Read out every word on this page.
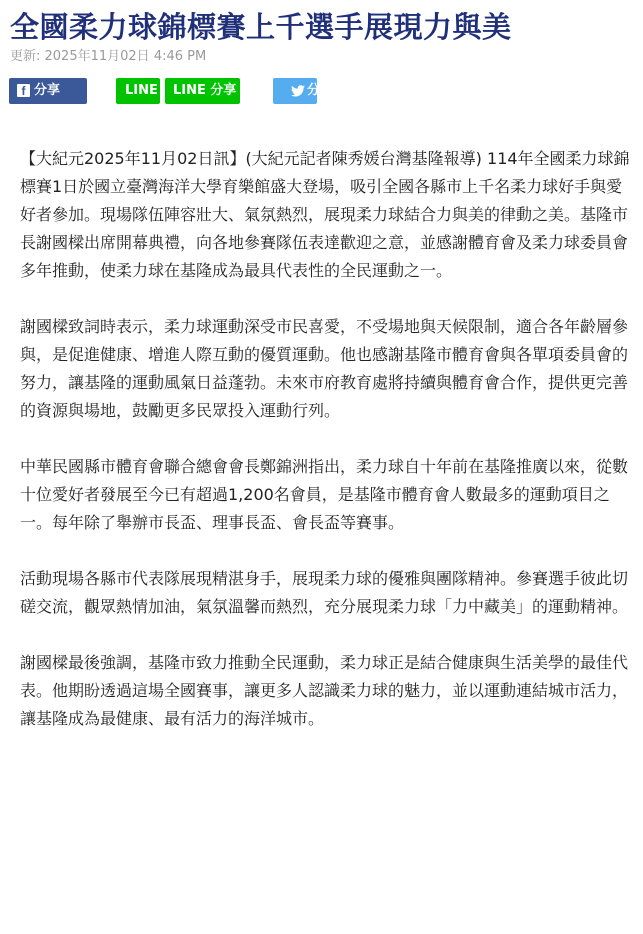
全國柔力球錦標賽上千選手展現力與美
更新: 2025年11月02日 4:46 PM
f 分享	LINE	LINE 分享	分

【大紀元2025年11月02日訊】(大紀元記者陳秀媛台灣基隆報導) 114年全國柔力球錦標賽1日於國立臺灣海洋大學育樂館盛大登場，吸引全國各縣市上千名柔力球好手與愛好者參加。現場隊伍陣容壯大、氣氛熱烈，展現柔力球結合力與美的律動之美。基隆市長謝國樑出席開幕典禮，向各地參賽隊伍表達歡迎之意，並感謝體育會及柔力球委員會多年推動，使柔力球在基隆成為最具代表性的全民運動之一。

謝國樑致詞時表示，柔力球運動深受市民喜愛，不受場地與天候限制，適合各年齡層參與，是促進健康、增進人際互動的優質運動。他也感謝基隆市體育會與各單項委員會的努力，讓基隆的運動風氣日益蓬勃。未來市府教育處將持續與體育會合作，提供更完善的資源與場地，鼓勵更多民眾投入運動行列。

中華民國縣市體育會聯合總會會長鄭錦洲指出，柔力球自十年前在基隆推廣以來，從數十位愛好者發展至今已有超過1,200名會員，是基隆市體育會人數最多的運動項目之一。每年除了舉辦市長盃、理事長盃、會長盃等賽事。

活動現場各縣市代表隊展現精湛身手，展現柔力球的優雅與團隊精神。參賽選手彼此切磋交流，觀眾熱情加油，氣氛溫馨而熱烈，充分展現柔力球「力中藏美」的運動精神。

謝國樑最後強調，基隆市致力推動全民運動，柔力球正是結合健康與生活美學的最佳代表。他期盼透過這場全國賽事，讓更多人認識柔力球的魅力，並以運動連結城市活力，讓基隆成為最健康、最有活力的海洋城市。
